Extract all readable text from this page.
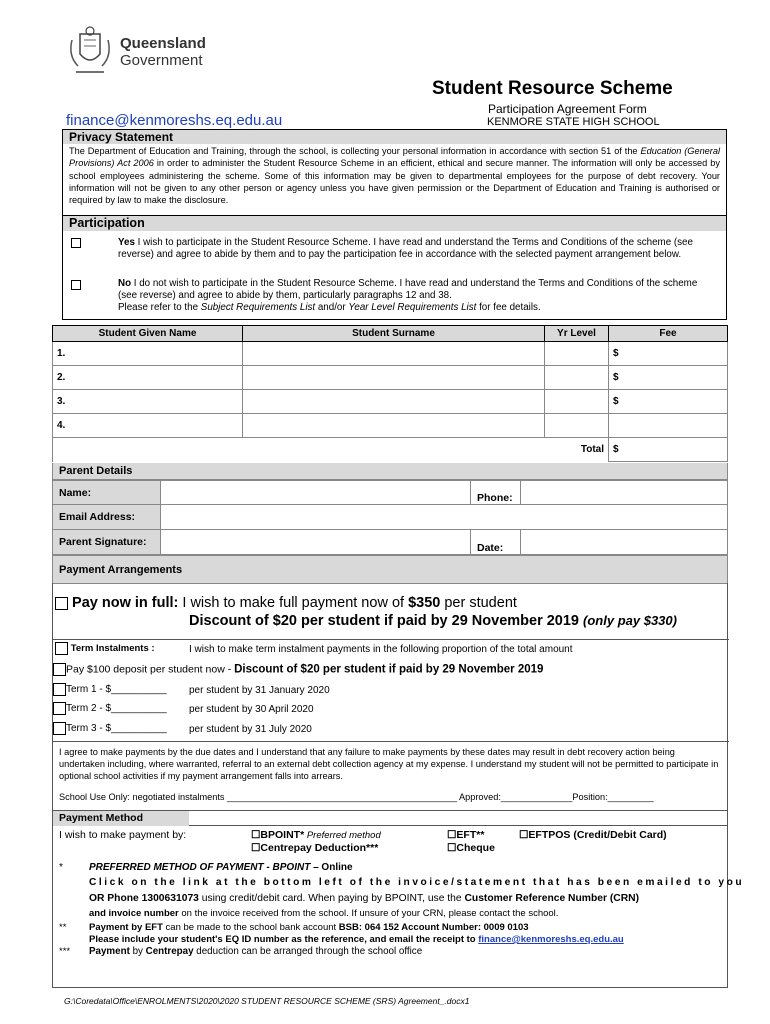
Queensland
Government
Student Resource Scheme
Participation Agreement Form
KENMORE STATE HIGH SCHOOL
finance@kenmoreshs.eq.edu.au
Privacy Statement
The Department of Education and Training, through the school, is collecting your personal information in accordance with section 51 of the Education (General Provisions) Act 2006 in order to administer the Student Resource Scheme in an efficient, ethical and secure manner. The information will only be accessed by school employees administering the scheme. Some of this information may be given to departmental employees for the purpose of debt recovery. Your information will not be given to any other person or agency unless you have given permission or the Department of Education and Training is authorised or required by law to make the disclosure.
Participation
Yes I wish to participate in the Student Resource Scheme. I have read and understand the Terms and Conditions of the scheme (see reverse) and agree to abide by them and to pay the participation fee in accordance with the selected payment arrangement below.
No I do not wish to participate in the Student Resource Scheme. I have read and understand the Terms and Conditions of the scheme (see reverse) and agree to abide by them, particularly paragraphs 12 and 38.
Please refer to the Subject Requirements List and/or Year Level Requirements List for fee details.
Student Given Name	Student Surname	Yr Level	Fee
1.			$
2.			$
3.			$
4.			
		Total	$
Parent Details
Name:		Phone:	
Email Address:			
Parent Signature:		Date:	
Payment Arrangements
Pay now in full: I wish to make full payment now of $350 per student
Discount of $20 per student if paid by 29 November 2019 (only pay $330)
Term Instalments :	I wish to make term instalment payments in the following proportion of the total amount
Pay $100 deposit per student now - Discount of $20 per student if paid by 29 November 2019
Term 1 - $__________ per student by 31 January 2020
Term 2 - $__________ per student by 30 April 2020
Term 3 - $__________ per student by 31 July 2020
I agree to make payments by the due dates and I understand that any failure to make payments by these dates may result in debt recovery action being undertaken including, where warranted, referral to an external debt collection agency at my expense. I understand my student will not be permitted to participate in optional school activities if my payment arrangement falls into arrears.
School Use Only: negotiated instalments _____________________________________________ Approved:______________Position:_________
Payment Method
I wish to make payment by:	☐BPOINT* Preferred method
☐Centrepay Deduction***
☐EFT**
☐Cheque
☐EFTPOS (Credit/Debit Card)
*	PREFERRED METHOD OF PAYMENT - BPOINT – Online
Click on the link at the bottom left of the invoice/statement that has been emailed to you
OR Phone 1300631073 using credit/debit card. When paying by BPOINT, use the Customer Reference Number (CRN)
and invoice number on the invoice received from the school. If unsure of your CRN, please contact the school.
** Payment by EFT can be made to the school bank account BSB: 064 152 Account Number: 0009 0103
Please include your student's EQ ID number as the reference, and email the receipt to finance@kenmoreshs.eq.edu.au
*** Payment by Centrepay deduction can be arranged through the school office
G:\Coredata\Office\ENROLMENTS\2020\2020 STUDENT RESOURCE SCHEME (SRS) Agreement_.docx1
